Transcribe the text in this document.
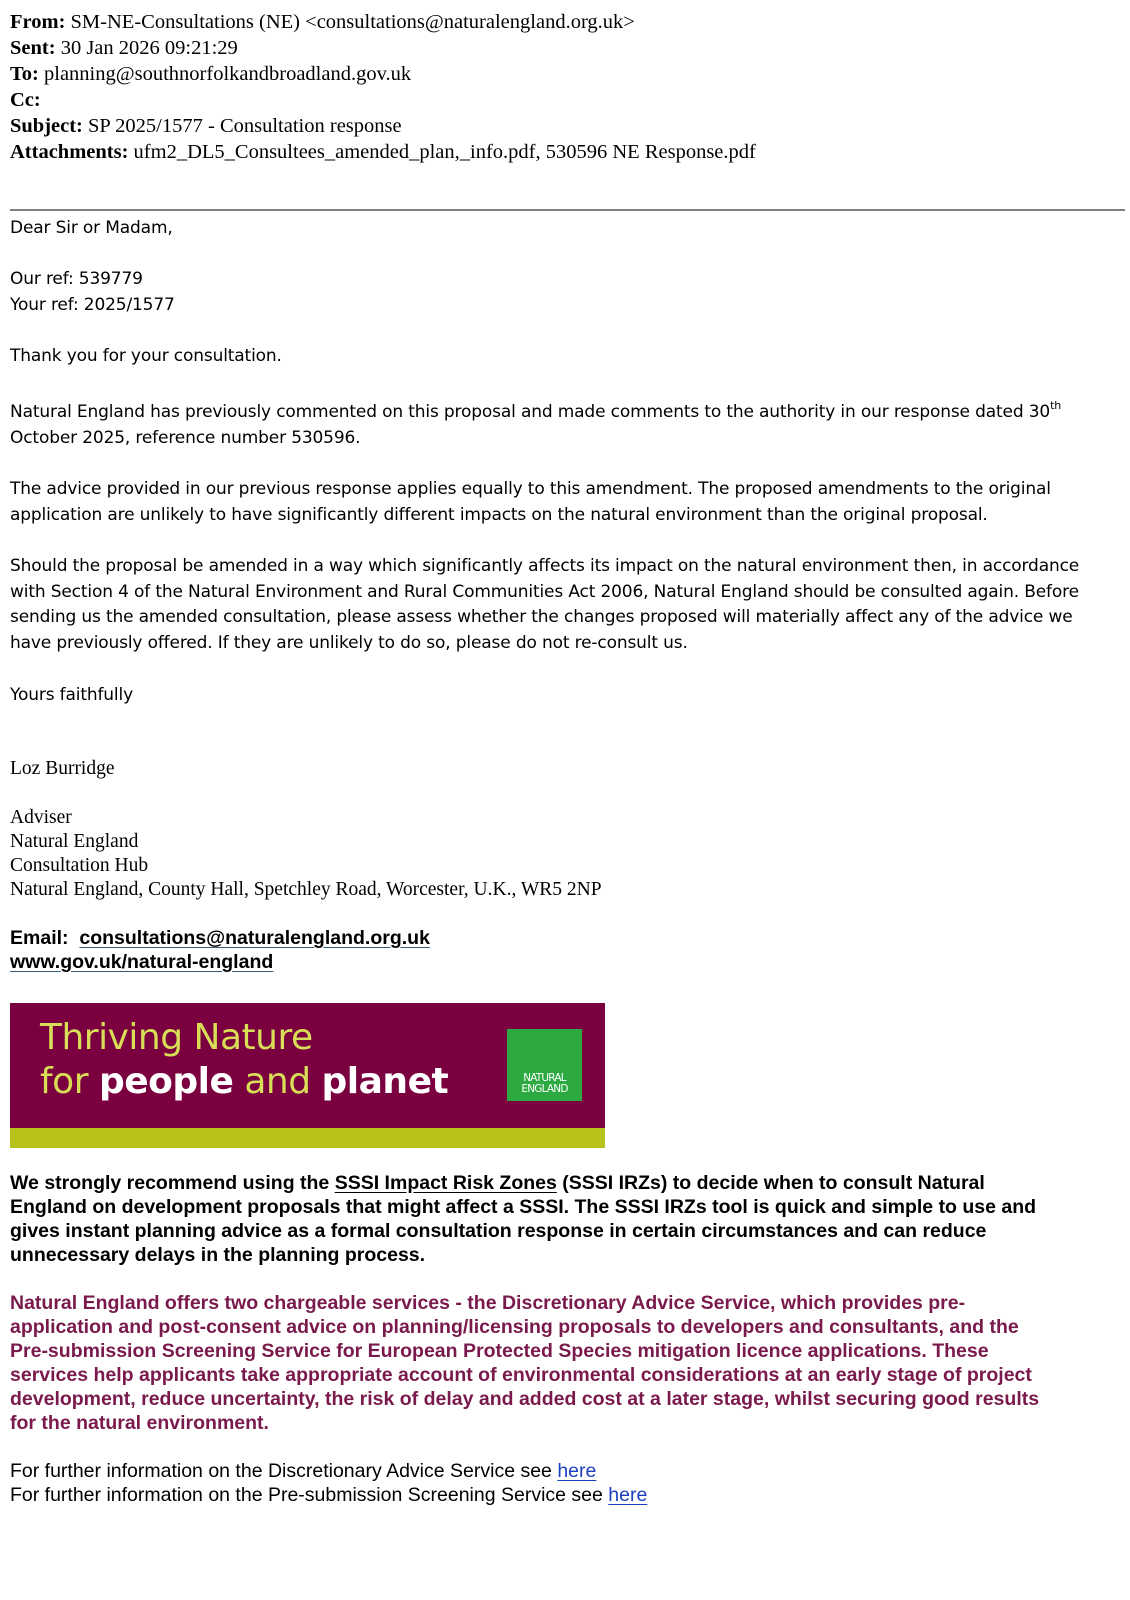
From: SM-NE-Consultations (NE) <consultations@naturalengland.org.uk>
Sent: 30 Jan 2026 09:21:29
To: planning@southnorfolkandbroadland.gov.uk
Cc:
Subject: SP 2025/1577 - Consultation response
Attachments: ufm2_DL5_Consultees_amended_plan,_info.pdf, 530596 NE Response.pdf
Dear Sir or Madam,
Our ref: 539779
Your ref: 2025/1577
Thank you for your consultation.
Natural England has previously commented on this proposal and made comments to the authority in our response dated 30th
October 2025, reference number 530596.
The advice provided in our previous response applies equally to this amendment. The proposed amendments to the original
application are unlikely to have significantly different impacts on the natural environment than the original proposal.
Should the proposal be amended in a way which significantly affects its impact on the natural environment then, in accordance
with Section 4 of the Natural Environment and Rural Communities Act 2006, Natural England should be consulted again. Before
sending us the amended consultation, please assess whether the changes proposed will materially affect any of the advice we
have previously offered. If they are unlikely to do so, please do not re-consult us.
Yours faithfully
Loz Burridge
Adviser
Natural England
Consultation Hub
Natural England, County Hall, Spetchley Road, Worcester, U.K., WR5 2NP
Email: consultations@naturalengland.org.uk
www.gov.uk/natural-england
Thriving Nature
for people and planet	NATURAL
ENGLAND
We strongly recommend using the SSSI Impact Risk Zones (SSSI IRZs) to decide when to consult Natural
England on development proposals that might affect a SSSI. The SSSI IRZs tool is quick and simple to use and
gives instant planning advice as a formal consultation response in certain circumstances and can reduce
unnecessary delays in the planning process.
Natural England offers two chargeable services - the Discretionary Advice Service, which provides pre-
application and post-consent advice on planning/licensing proposals to developers and consultants, and the
Pre-submission Screening Service for European Protected Species mitigation licence applications. These
services help applicants take appropriate account of environmental considerations at an early stage of project
development, reduce uncertainty, the risk of delay and added cost at a later stage, whilst securing good results
for the natural environment.
For further information on the Discretionary Advice Service see here
For further information on the Pre-submission Screening Service see here
